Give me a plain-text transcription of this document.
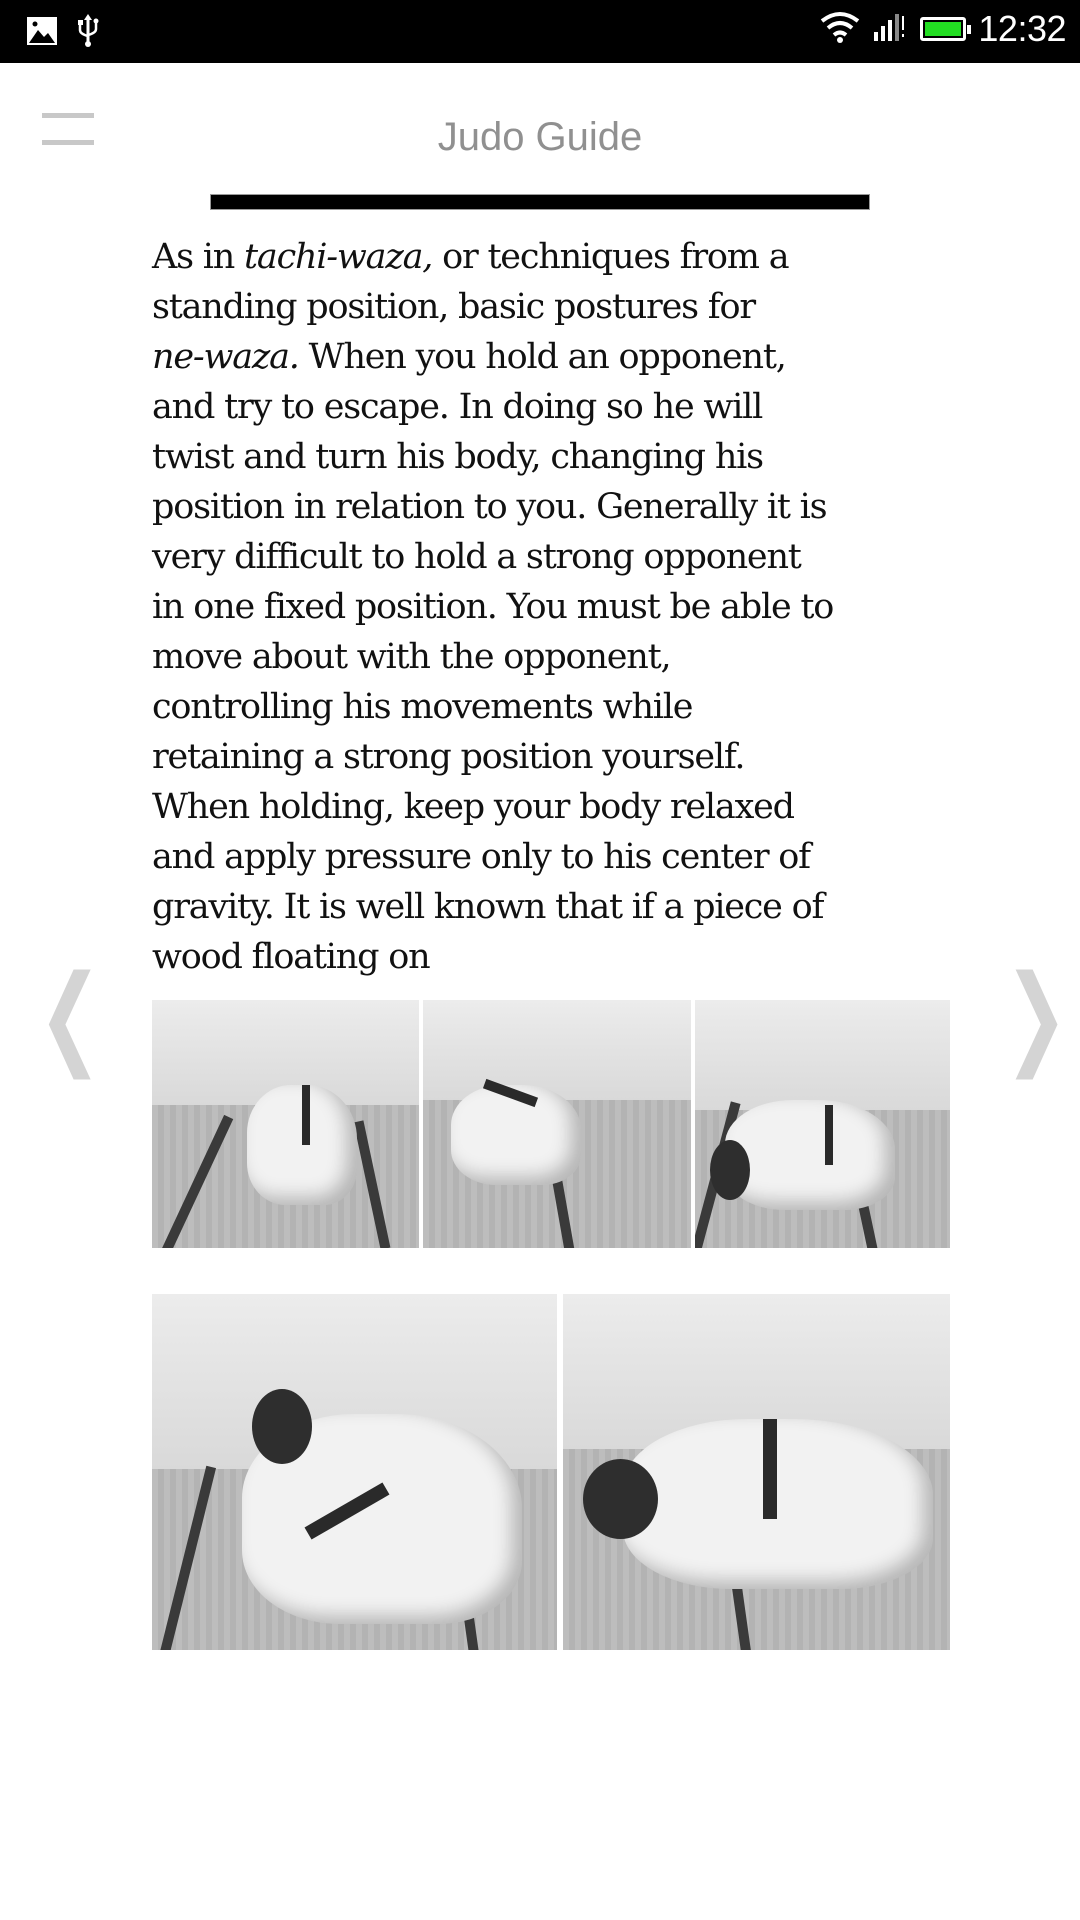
12:32
Judo Guide
As in tachi-waza, or techniques from a
standing position, basic postures for
ne-waza. When you hold an opponent,
and try to escape. In doing so he will
twist and turn his body, changing his
position in relation to you. Generally it is
very difficult to hold a strong opponent
in one fixed position. You must be able to
move about with the opponent,
controlling his movements while
retaining a strong position yourself.
When holding, keep your body relaxed
and apply pressure only to his center of
gravity. It is well known that if a piece of
wood floating on
❮	❯
